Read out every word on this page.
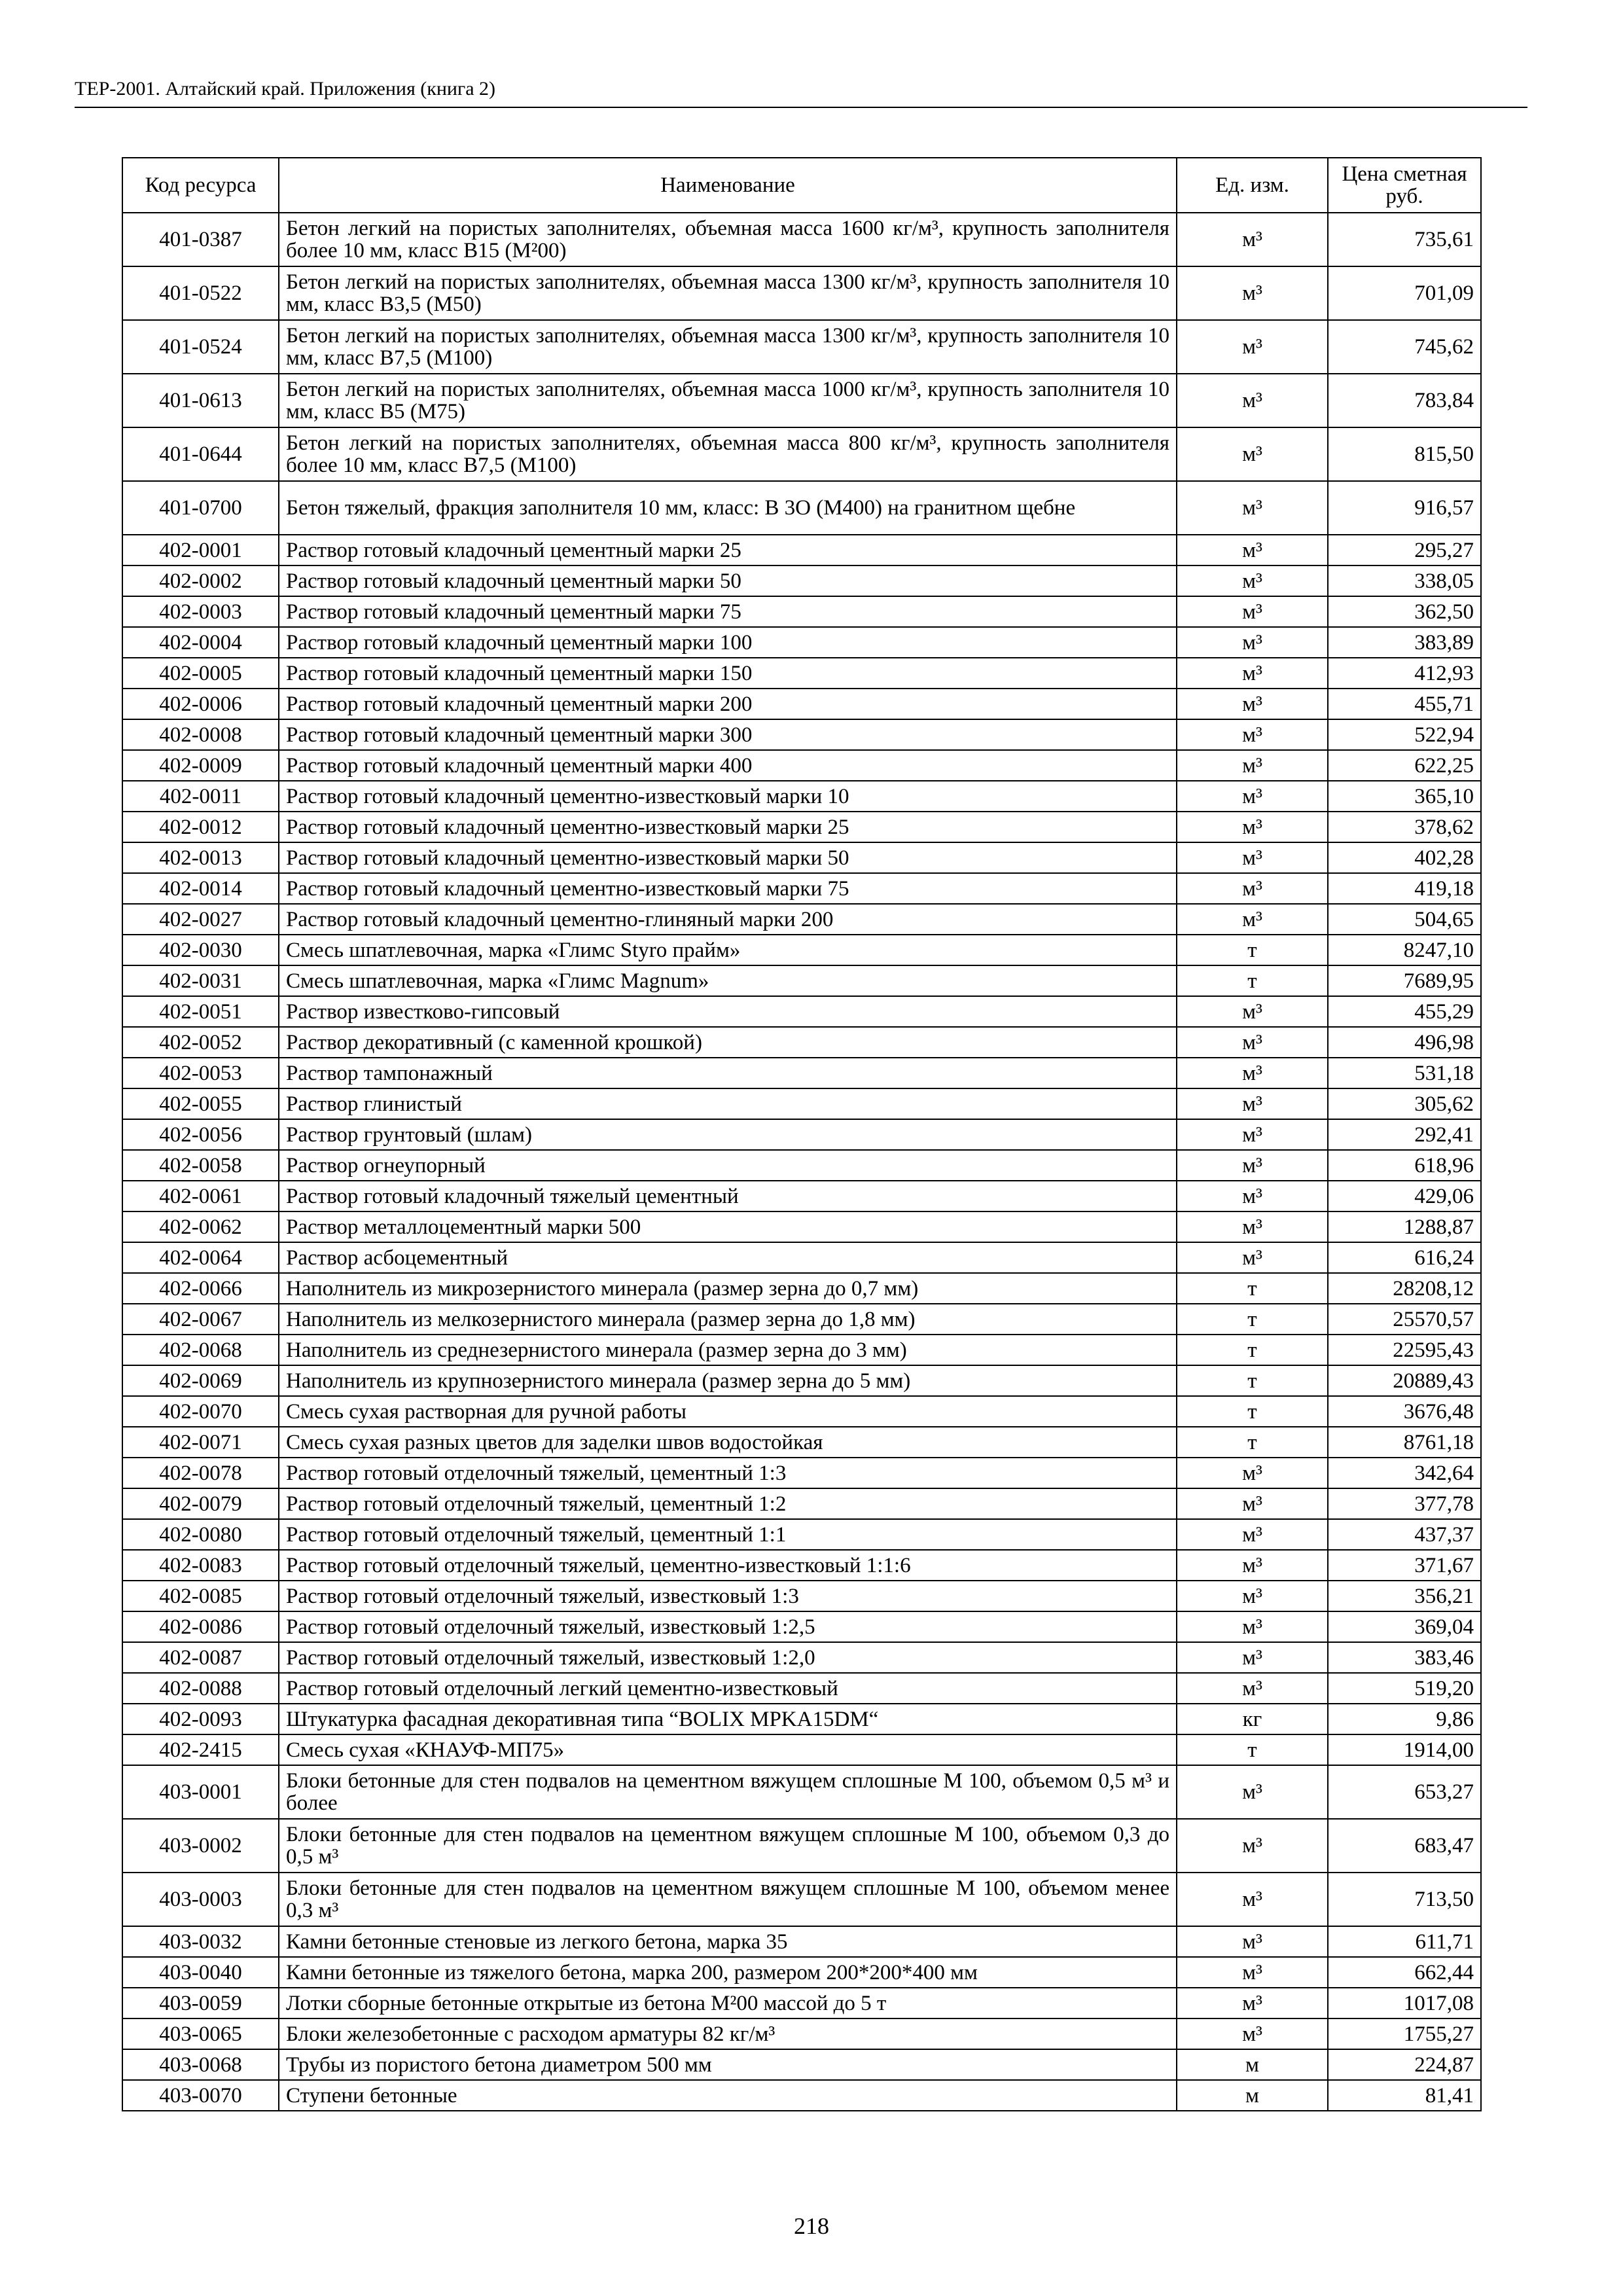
ТЕР-2001. Алтайский край. Приложения (книга 2)
Код ресурса	Наименование	Ед. изм.	Цена сметная руб.
401-0387	Бетон легкий на пористых заполнителях, объемная масса 1600 кг/м³, крупность заполнителя более 10 мм, класс В15 (М²00)	м³	735,61
401-0522	Бетон легкий на пористых заполнителях, объемная масса 1300 кг/м³, крупность заполнителя 10 мм, класс В3,5 (М50)	м³	701,09
401-0524	Бетон легкий на пористых заполнителях, объемная масса 1300 кг/м³, крупность заполнителя 10 мм, класс В7,5 (М100)	м³	745,62
401-0613	Бетон легкий на пористых заполнителях, объемная масса 1000 кг/м³, крупность заполнителя 10 мм, класс В5 (М75)	м³	783,84
401-0644	Бетон легкий на пористых заполнителях, объемная масса 800 кг/м³, крупность заполнителя более 10 мм, класс В7,5 (М100)	м³	815,50
401-0700	Бетон тяжелый, фракция заполнителя 10 мм, класс: В 3О (М400) на гранитном щебне	м³	916,57
402-0001	Раствор готовый кладочный цементный марки 25	м³	295,27
402-0002	Раствор готовый кладочный цементный марки 50	м³	338,05
402-0003	Раствор готовый кладочный цементный марки 75	м³	362,50
402-0004	Раствор готовый кладочный цементный марки 100	м³	383,89
402-0005	Раствор готовый кладочный цементный марки 150	м³	412,93
402-0006	Раствор готовый кладочный цементный марки 200	м³	455,71
402-0008	Раствор готовый кладочный цементный марки 300	м³	522,94
402-0009	Раствор готовый кладочный цементный марки 400	м³	622,25
402-0011	Раствор готовый кладочный цементно-известковый марки 10	м³	365,10
402-0012	Раствор готовый кладочный цементно-известковый марки 25	м³	378,62
402-0013	Раствор готовый кладочный цементно-известковый марки 50	м³	402,28
402-0014	Раствор готовый кладочный цементно-известковый марки 75	м³	419,18
402-0027	Раствор готовый кладочный цементно-глиняный марки 200	м³	504,65
402-0030	Смесь шпатлевочная, марка «Глимс Styro прайм»	т	8247,10
402-0031	Смесь шпатлевочная, марка «Глимс Magnum»	т	7689,95
402-0051	Раствор известково-гипсовый	м³	455,29
402-0052	Раствор декоративный (с каменной крошкой)	м³	496,98
402-0053	Раствор тампонажный	м³	531,18
402-0055	Раствор глинистый	м³	305,62
402-0056	Раствор грунтовый (шлам)	м³	292,41
402-0058	Раствор огнеупорный	м³	618,96
402-0061	Раствор готовый кладочный тяжелый цементный	м³	429,06
402-0062	Раствор металлоцементный марки 500	м³	1288,87
402-0064	Раствор асбоцементный	м³	616,24
402-0066	Наполнитель из микрозернистого минерала (размер зерна до 0,7 мм)	т	28208,12
402-0067	Наполнитель из мелкозернистого минерала (размер зерна до 1,8 мм)	т	25570,57
402-0068	Наполнитель из среднезернистого минерала (размер зерна до 3 мм)	т	22595,43
402-0069	Наполнитель из крупнозернистого минерала (размер зерна до 5 мм)	т	20889,43
402-0070	Смесь сухая растворная для ручной работы	т	3676,48
402-0071	Смесь сухая разных цветов для заделки швов водостойкая	т	8761,18
402-0078	Раствор готовый отделочный тяжелый, цементный 1:3	м³	342,64
402-0079	Раствор готовый отделочный тяжелый, цементный 1:2	м³	377,78
402-0080	Раствор готовый отделочный тяжелый, цементный 1:1	м³	437,37
402-0083	Раствор готовый отделочный тяжелый, цементно-известковый 1:1:6	м³	371,67
402-0085	Раствор готовый отделочный тяжелый, известковый 1:3	м³	356,21
402-0086	Раствор готовый отделочный тяжелый, известковый 1:2,5	м³	369,04
402-0087	Раствор готовый отделочный тяжелый, известковый 1:2,0	м³	383,46
402-0088	Раствор готовый отделочный легкий цементно-известковый	м³	519,20
402-0093	Штукатурка фасадная декоративная типа “BOLIX MPKA15DM“	кг	9,86
402-2415	Смесь сухая «КНАУФ-МП75»	т	1914,00
403-0001	Блоки бетонные для стен подвалов на цементном вяжущем сплошные М 100, объемом 0,5 м³ и более	м³	653,27
403-0002	Блоки бетонные для стен подвалов на цементном вяжущем сплошные М 100, объемом 0,3 до 0,5 м³	м³	683,47
403-0003	Блоки бетонные для стен подвалов на цементном вяжущем сплошные М 100, объемом менее 0,3 м³	м³	713,50
403-0032	Камни бетонные стеновые из легкого бетона, марка 35	м³	611,71
403-0040	Камни бетонные из тяжелого бетона, марка 200, размером 200*200*400 мм	м³	662,44
403-0059	Лотки сборные бетонные открытые из бетона М²00 массой до 5 т	м³	1017,08
403-0065	Блоки железобетонные с расходом арматуры 82 кг/м³	м³	1755,27
403-0068	Трубы из пористого бетона диаметром 500 мм	м	224,87
403-0070	Ступени бетонные	м	81,41
218
